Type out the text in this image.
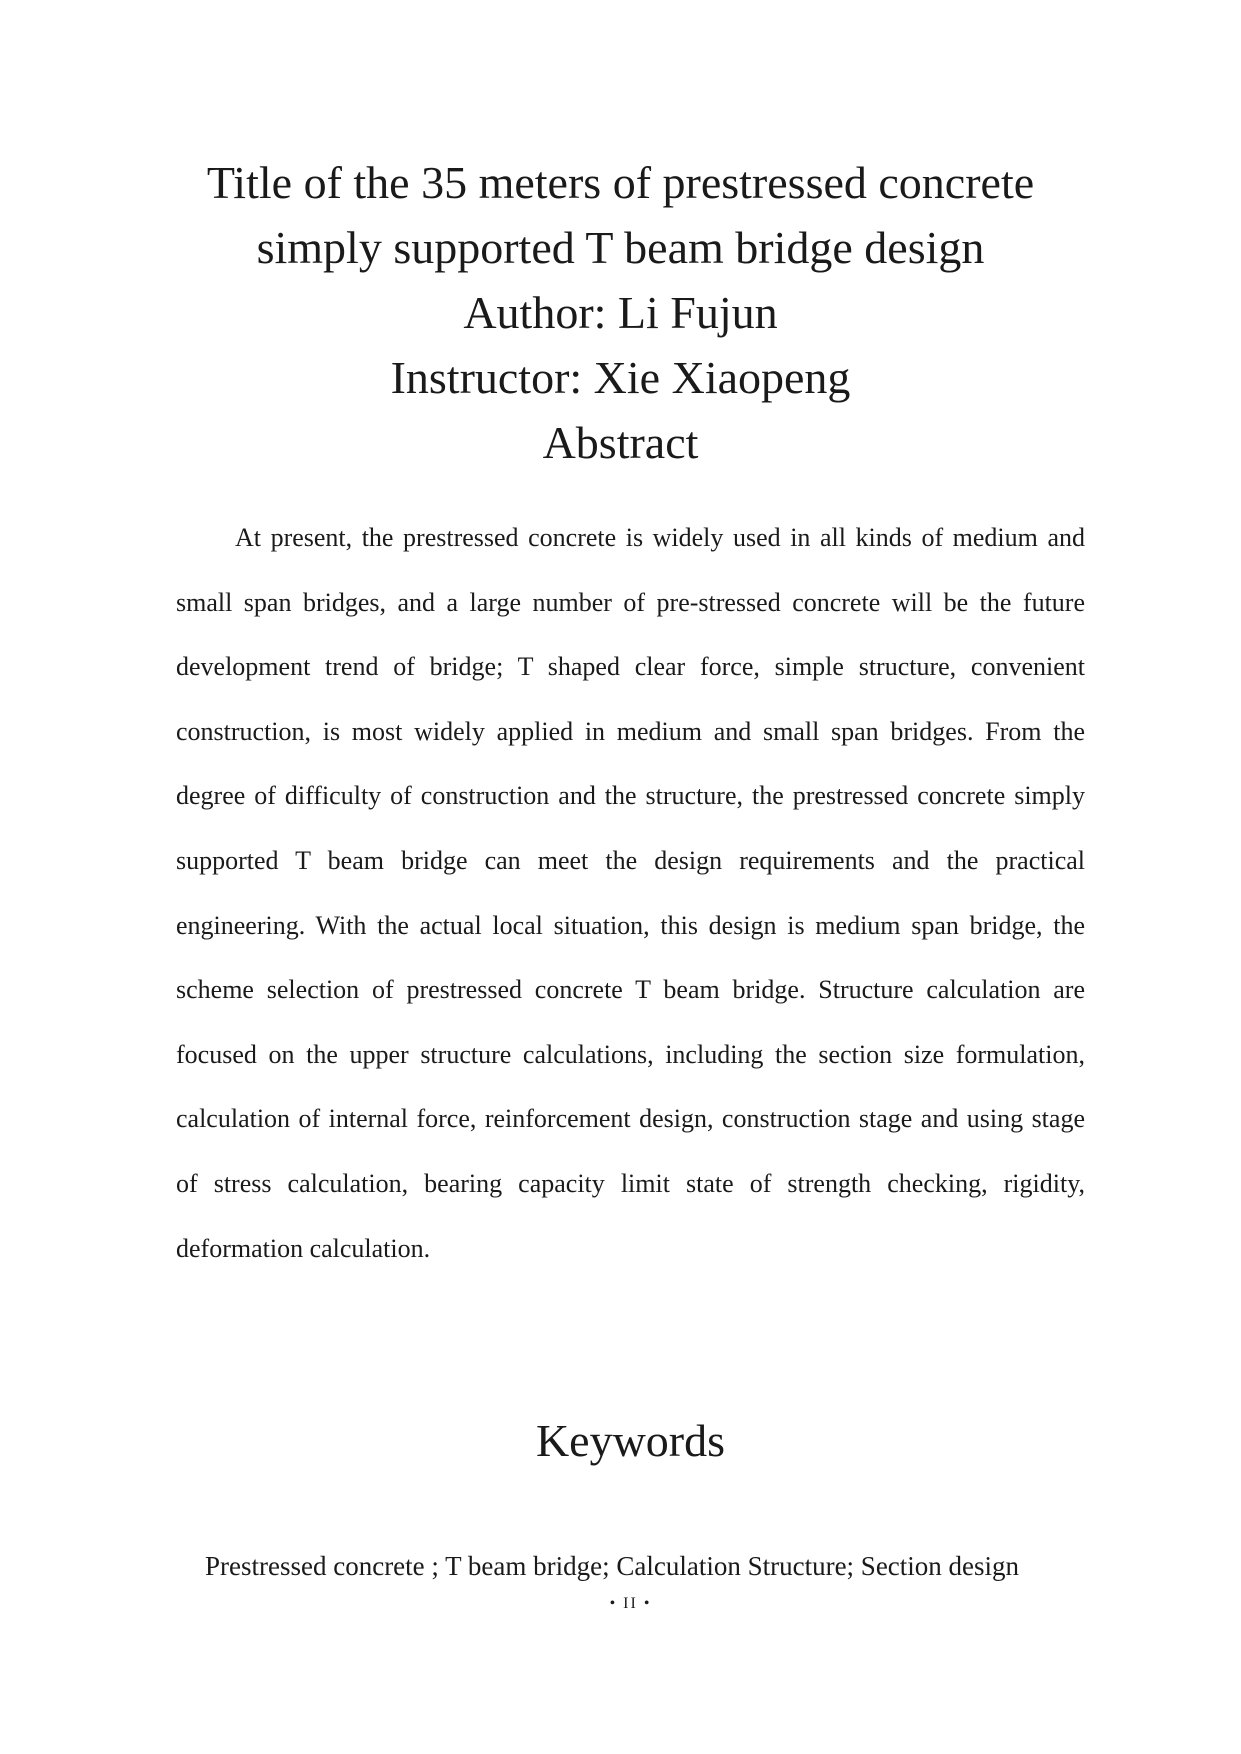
Title of the 35 meters of prestressed concrete
simply supported T beam bridge design
Author: Li Fujun
Instructor: Xie Xiaopeng
Abstract

At present, the prestressed concrete is widely used in all kinds of medium and small span bridges, and a large number of pre-stressed concrete will be the future development trend of bridge; T shaped clear force, simple structure, convenient construction, is most widely applied in medium and small span bridges. From the degree of difficulty of construction and the structure, the prestressed concrete simply supported T beam bridge can meet the design requirements and the practical engineering. With the actual local situation, this design is medium span bridge, the scheme selection of prestressed concrete T beam bridge. Structure calculation are focused on the upper structure calculations, including the section size formulation, calculation of internal force, reinforcement design, construction stage and using stage of stress calculation, bearing capacity limit state of strength checking, rigidity, deformation calculation.

Keywords
Prestressed concrete ; T beam bridge; Calculation Structure; Section design
• II •
